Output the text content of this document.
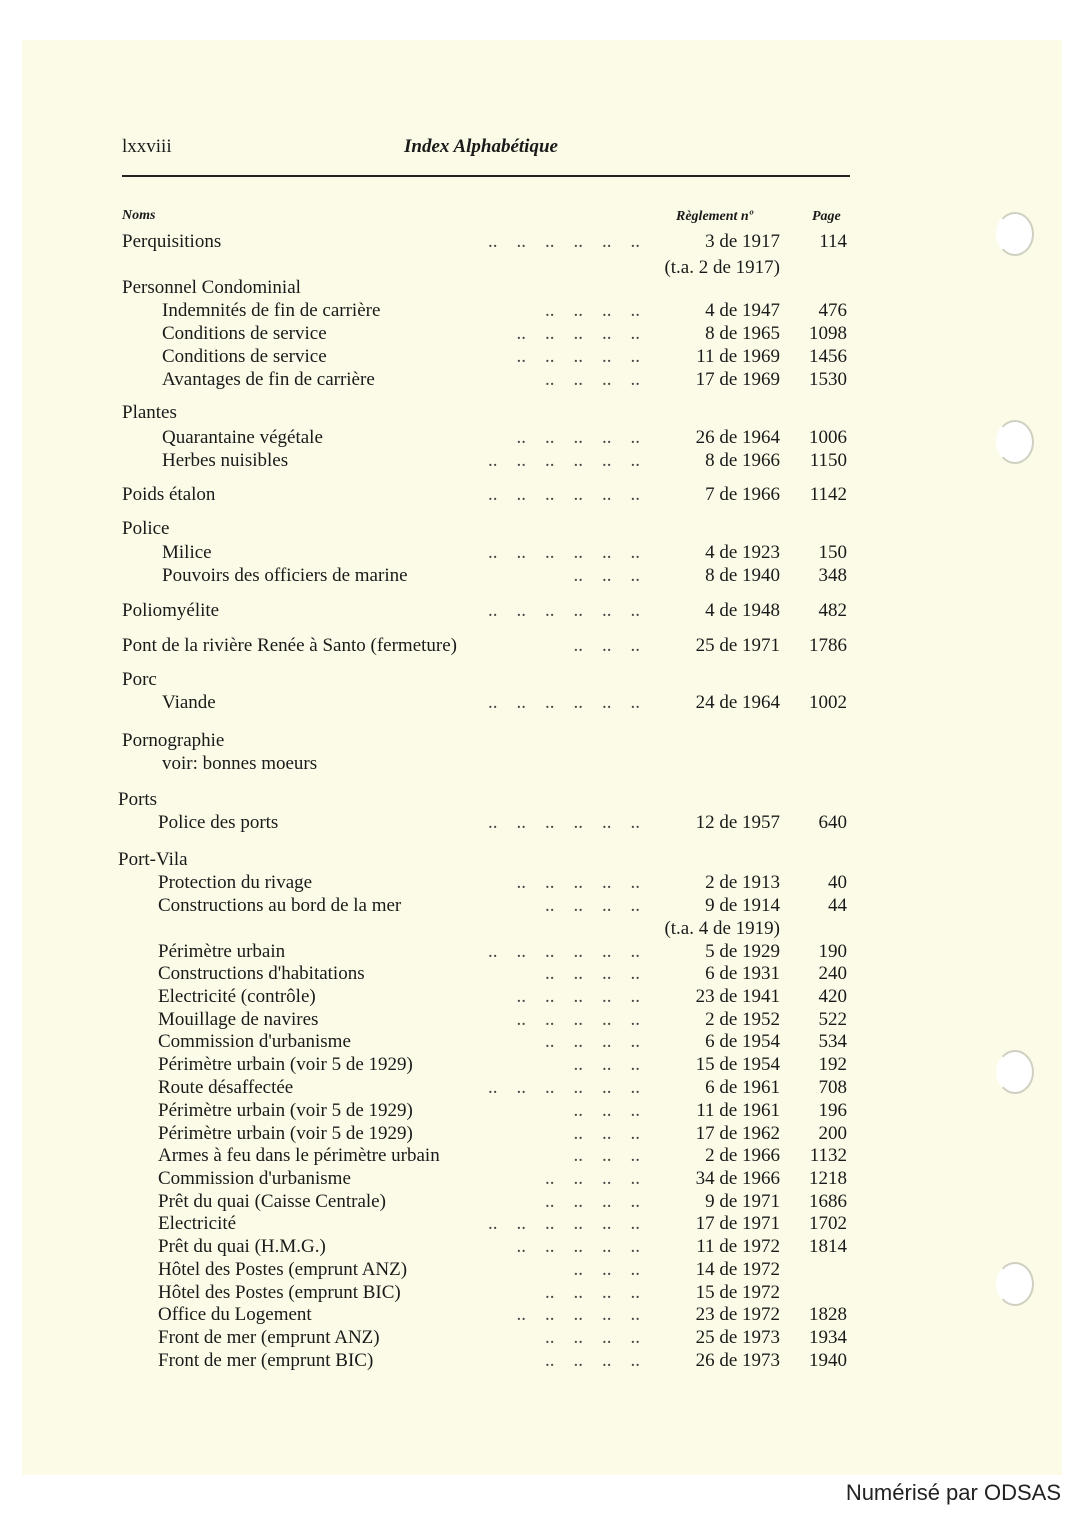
lxxviii	Index Alphabétique
Noms	Règlement nº	Page
Perquisitions	..    ..    ..    ..    ..    ..	3 de 1917 114
(t.a. 2 de 1917)
Personnel Condominial
Indemnités de fin de carrière	..    ..    ..    ..	4 de 1947 476
Conditions de service	..    ..    ..    ..    ..	8 de 1965 1098
Conditions de service	..    ..    ..    ..    ..	11 de 1969 1456
Avantages de fin de carrière	..    ..    ..    ..	17 de 1969 1530
Plantes
Quarantaine végétale	..    ..    ..    ..    ..	26 de 1964 1006
Herbes nuisibles	..    ..    ..    ..    ..    ..	8 de 1966 1150
Poids étalon	..    ..    ..    ..    ..    ..	7 de 1966 1142
Police
Milice	..    ..    ..    ..    ..    ..	4 de 1923 150
Pouvoirs des officiers de marine	..    ..    ..	8 de 1940 348
Poliomyélite	..    ..    ..    ..    ..    ..	4 de 1948 482
Pont de la rivière Renée à Santo (fermeture)	..    ..    ..	25 de 1971 1786
Porc
Viande	..    ..    ..    ..    ..    ..	24 de 1964 1002
Pornographie
voir: bonnes moeurs
Ports
Police des ports	..    ..    ..    ..    ..    ..	12 de 1957 640
Port-Vila
Protection du rivage	..    ..    ..    ..    ..	2 de 1913	40
Constructions au bord de la mer	..    ..    ..    ..	9 de 1914	44
(t.a. 4 de 1919)
Périmètre urbain	..    ..    ..    ..    ..    ..	5 de 1929 190
Constructions d'habitations	..    ..    ..    ..	6 de 1931 240
Electricité (contrôle)	..    ..    ..    ..    ..	23 de 1941 420
Mouillage de navires	..    ..    ..    ..    ..	2 de 1952 522
Commission d'urbanisme	..    ..    ..    ..	6 de 1954 534
Périmètre urbain (voir 5 de 1929)	..    ..    ..	15 de 1954 192
Route désaffectée	..    ..    ..    ..    ..    ..	6 de 1961 708
Périmètre urbain (voir 5 de 1929)	..    ..    ..	11 de 1961 196
Périmètre urbain (voir 5 de 1929)	..    ..    ..	17 de 1962 200
Armes à feu dans le périmètre urbain	..    ..    ..	2 de 1966 1132
Commission d'urbanisme	..    ..    ..    ..	34 de 1966 1218
Prêt du quai (Caisse Centrale)	..    ..    ..    ..	9 de 1971 1686
Electricité	..    ..    ..    ..    ..    ..	17 de 1971 1702
Prêt du quai (H.M.G.)	..    ..    ..    ..    ..	11 de 1972 1814
Hôtel des Postes (emprunt ANZ)	..    ..    ..	14 de 1972
Hôtel des Postes (emprunt BIC)	..    ..    ..    ..	15 de 1972
Office du Logement	..    ..    ..    ..    ..	23 de 1972 1828
Front de mer (emprunt ANZ)	..    ..    ..    ..	25 de 1973 1934
Front de mer (emprunt BIC)	..    ..    ..    ..	26 de 1973 1940
Numérisé par ODSAS
